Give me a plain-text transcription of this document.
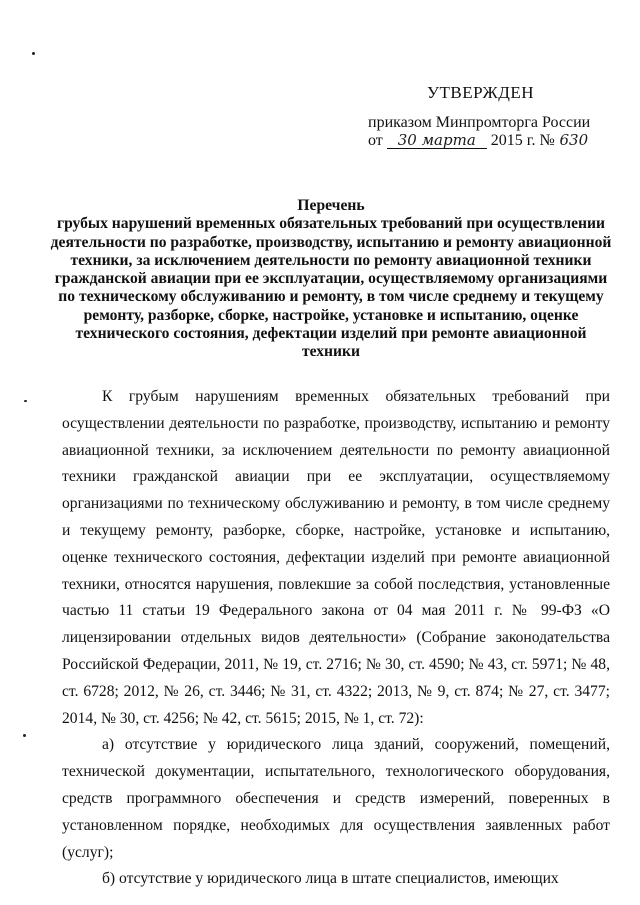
УТВЕРЖДЕН
приказом Минпромторга России
от 30 марта 2015 г. № 630
Перечень
грубых нарушений временных обязательных требований при осуществлении
деятельности по разработке, производству, испытанию и ремонту авиационной
техники, за исключением деятельности по ремонту авиационной техники
гражданской авиации при ее эксплуатации, осуществляемому организациями
по техническому обслуживанию и ремонту, в том числе среднему и текущему
ремонту, разборке, сборке, настройке, установке и испытанию, оценке
технического состояния, дефектации изделий при ремонте авиационной
техники

К грубым нарушениям временных обязательных требований при осуществлении деятельности по разработке, производству, испытанию и ремонту авиационной техники, за исключением деятельности по ремонту авиационной техники гражданской авиации при ее эксплуатации, осуществляемому организациями по техническому обслуживанию и ремонту, в том числе среднему и текущему ремонту, разборке, сборке, настройке, установке и испытанию, оценке технического состояния, дефектации изделий при ремонте авиационной техники, относятся нарушения, повлекшие за собой последствия, установленные частью 11 статьи 19 Федерального закона от 04 мая 2011 г. № 99-ФЗ «О лицензировании отдельных видов деятельности» (Собрание законодательства Российской Федерации, 2011, № 19, ст. 2716; № 30, ст. 4590; № 43, ст. 5971; № 48, ст. 6728; 2012, № 26, ст. 3446; № 31, ст. 4322; 2013, № 9, ст. 874; № 27, ст. 3477; 2014, № 30, ст. 4256; № 42, ст. 5615; 2015, № 1, ст. 72):

а) отсутствие у юридического лица зданий, сооружений, помещений, технической документации, испытательного, технологического оборудования, средств программного обеспечения и средств измерений, поверенных в установленном порядке, необходимых для осуществления заявленных работ (услуг);

б) отсутствие у юридического лица в штате специалистов, имеющих
